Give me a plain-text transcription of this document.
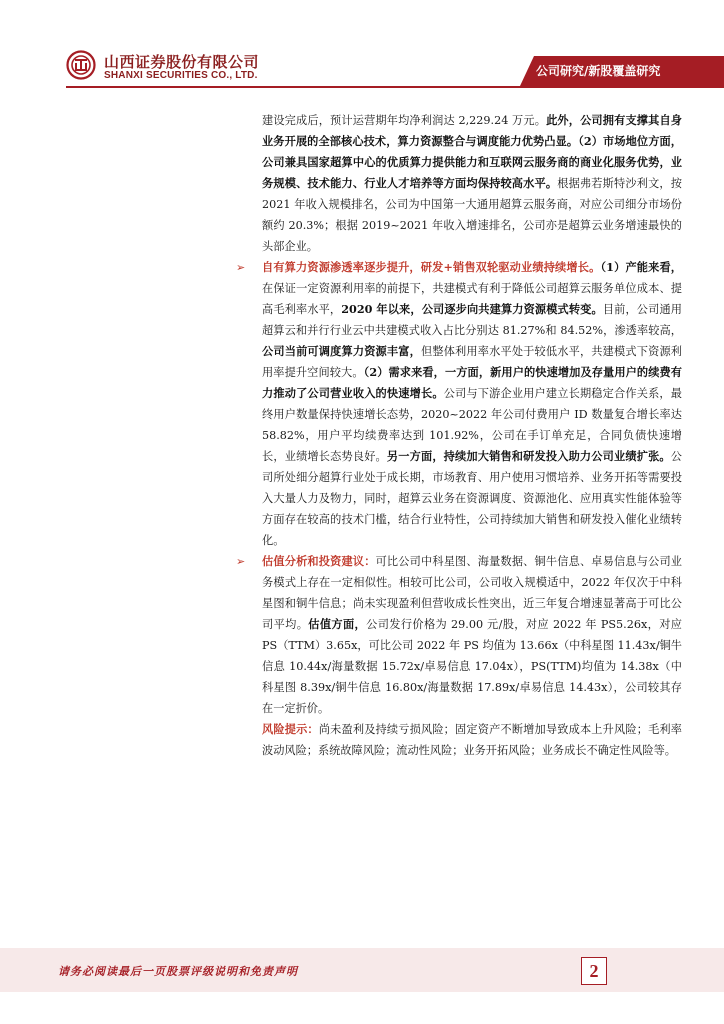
山西证券股份有限公司
SHANXI SECURITIES CO., LTD.	公司研究/新股覆盖研究

建设完成后，预计运营期年均净利润达 2,229.24 万元。此外，公司拥有支撑其自身业务开展的全部核心技术，算力资源整合与调度能力优势凸显。（2）市场地位方面，公司兼具国家超算中心的优质算力提供能力和互联网云服务商的商业化服务优势，业务规模、技术能力、行业人才培养等方面均保持较高水平。根据弗若斯特沙利文，按 2021 年收入规模排名，公司为中国第一大通用超算云服务商，对应公司细分市场份额约 20.3%；根据 2019~2021 年收入增速排名，公司亦是超算云业务增速最快的头部企业。

➢ 自有算力资源渗透率逐步提升，研发+销售双轮驱动业绩持续增长。（1）产能来看，在保证一定资源利用率的前提下，共建模式有利于降低公司超算云服务单位成本、提高毛利率水平，2020 年以来，公司逐步向共建算力资源模式转变。目前，公司通用超算云和并行行业云中共建模式收入占比分别达 81.27%和 84.52%，渗透率较高，公司当前可调度算力资源丰富，但整体利用率水平处于较低水平，共建模式下资源利用率提升空间较大。（2）需求来看，一方面，新用户的快速增加及存量用户的续费有力推动了公司营业收入的快速增长。公司与下游企业用户建立长期稳定合作关系，最终用户数量保持快速增长态势，2020~2022 年公司付费用户 ID 数量复合增长率达 58.82%，用户平均续费率达到 101.92%，公司在手订单充足，合同负债快速增长，业绩增长态势良好。另一方面，持续加大销售和研发投入助力公司业绩扩张。公司所处细分超算行业处于成长期，市场教育、用户使用习惯培养、业务开拓等需要投入大量人力及物力，同时，超算云业务在资源调度、资源池化、应用真实性能体验等方面存在较高的技术门槛，结合行业特性，公司持续加大销售和研发投入催化业绩转化。

➢ 估值分析和投资建议：可比公司中科星图、海量数据、铜牛信息、卓易信息与公司业务模式上存在一定相似性。相较可比公司，公司收入规模适中，2022 年仅次于中科星图和铜牛信息；尚未实现盈利但营收成长性突出，近三年复合增速显著高于可比公司平均。估值方面，公司发行价格为 29.00 元/股，对应 2022 年 PS5.26x，对应 PS（TTM）3.65x，可比公司 2022 年 PS 均值为 13.66x（中科星图 11.43x/铜牛信息 10.44x/海量数据 15.72x/卓易信息 17.04x），PS(TTM)均值为 14.38x（中科星图 8.39x/铜牛信息 16.80x/海量数据 17.89x/卓易信息 14.43x），公司较其存在一定折价。

风险提示：尚未盈利及持续亏损风险；固定资产不断增加导致成本上升风险；毛利率波动风险；系统故障风险；流动性风险；业务开拓风险；业务成长不确定性风险等。

请务必阅读最后一页股票评级说明和免责声明	2
